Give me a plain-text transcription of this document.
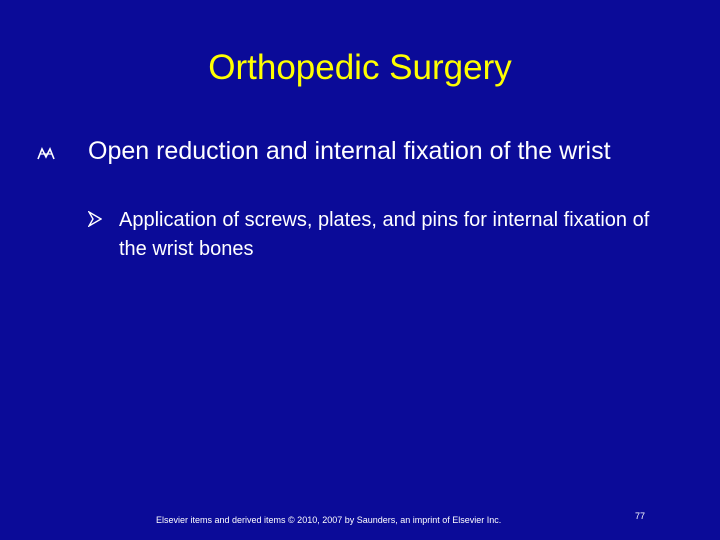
Orthopedic Surgery
Open reduction and internal fixation of the wrist
Application of screws, plates, and pins for internal fixation of the wrist bones
Elsevier items and derived items © 2010, 2007 by Saunders, an imprint of Elsevier Inc.	77
